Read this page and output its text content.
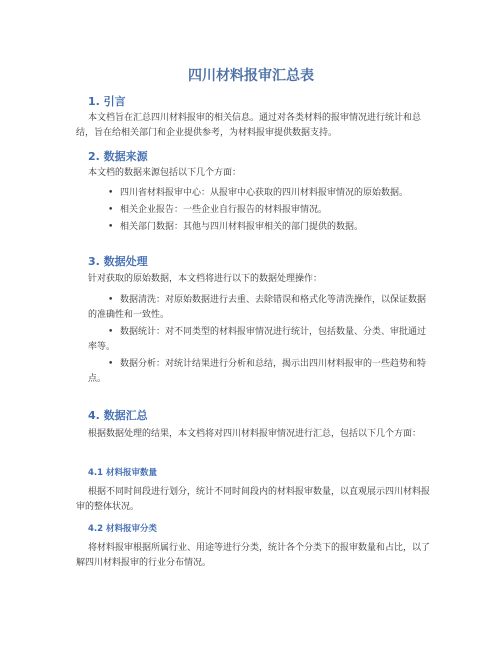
四川材料报审汇总表
1. 引言

本文档旨在汇总四川材料报审的相关信息。通过对各类材料的报审情况进行统计和总结，旨在给相关部门和企业提供参考，为材料报审提供数据支持。

2. 数据来源

本文档的数据来源包括以下几个方面：

• 四川省材料报审中心：从报审中心获取的四川材料报审情况的原始数据。
• 相关企业报告：一些企业自行报告的材料报审情况。
• 相关部门数据：其他与四川材料报审相关的部门提供的数据。
3. 数据处理

针对获取的原始数据，本文档将进行以下的数据处理操作：

• 数据清洗：对原始数据进行去重、去除错误和格式化等清洗操作，以保证数据的准确性和一致性。
• 数据统计：对不同类型的材料报审情况进行统计，包括数量、分类、审批通过率等。
• 数据分析：对统计结果进行分析和总结，揭示出四川材料报审的一些趋势和特点。
4. 数据汇总

根据数据处理的结果，本文档将对四川材料报审情况进行汇总，包括以下几个方面：

4.1 材料报审数量

根据不同时间段进行划分，统计不同时间段内的材料报审数量，以直观展示四川材料报审的整体状况。

4.2 材料报审分类

将材料报审根据所属行业、用途等进行分类，统计各个分类下的报审数量和占比，以了解四川材料报审的行业分布情况。
